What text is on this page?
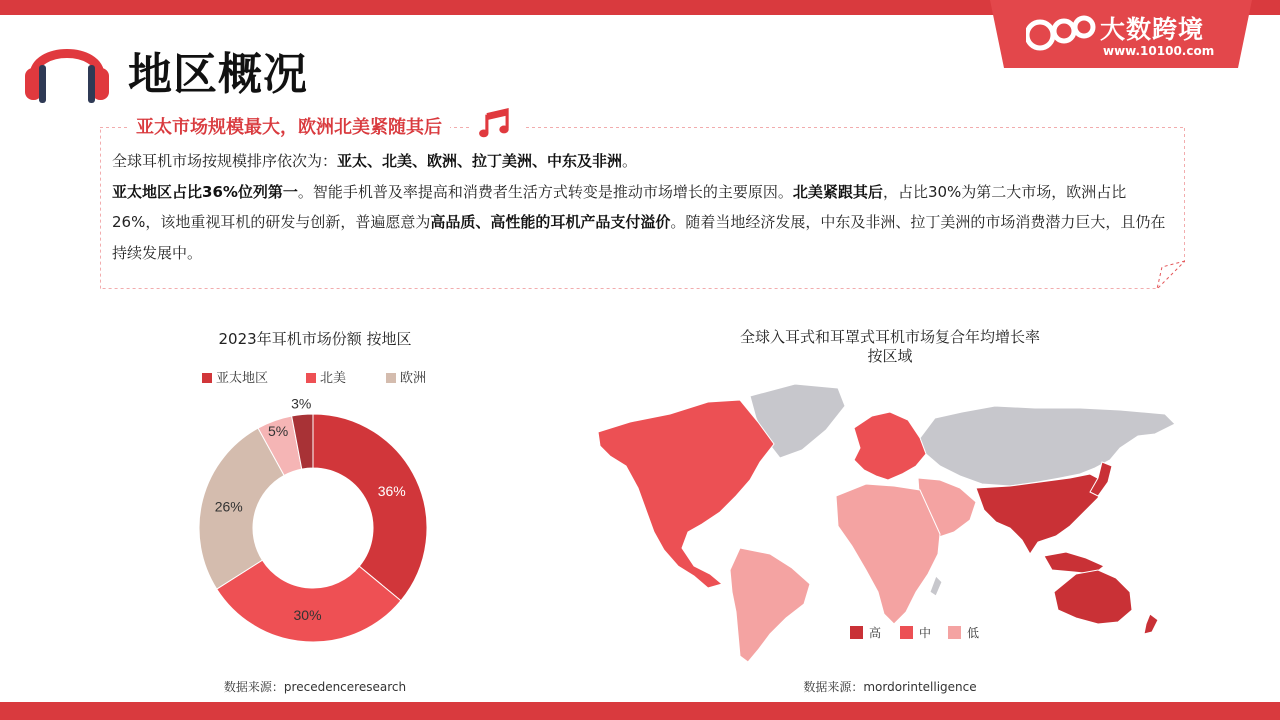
大数跨境
www.10100.com
地区概况
亚太市场规模最大，欧洲北美紧随其后
全球耳机市场按规模排序依次为：亚太、北美、欧洲、拉丁美洲、中东及非洲。
亚太地区占比36%位列第一。智能手机普及率提高和消费者生活方式转变是推动市场增长的主要原因。北美紧跟其后，占比30%为第二大市场，欧洲占比26%，该地重视耳机的研发与创新，普遍愿意为高品质、高性能的耳机产品支付溢价。随着当地经济发展，中东及非洲、拉丁美洲的市场消费潜力巨大，且仍在持续发展中。
2023年耳机市场份额 按地区
亚太地区	北美	欧洲
36%
30%
26%
5%
3%
数据来源：precedenceresearch
全球入耳式和耳罩式耳机市场复合年均增长率
按区域
高	中	低
数据来源：mordorintelligence
